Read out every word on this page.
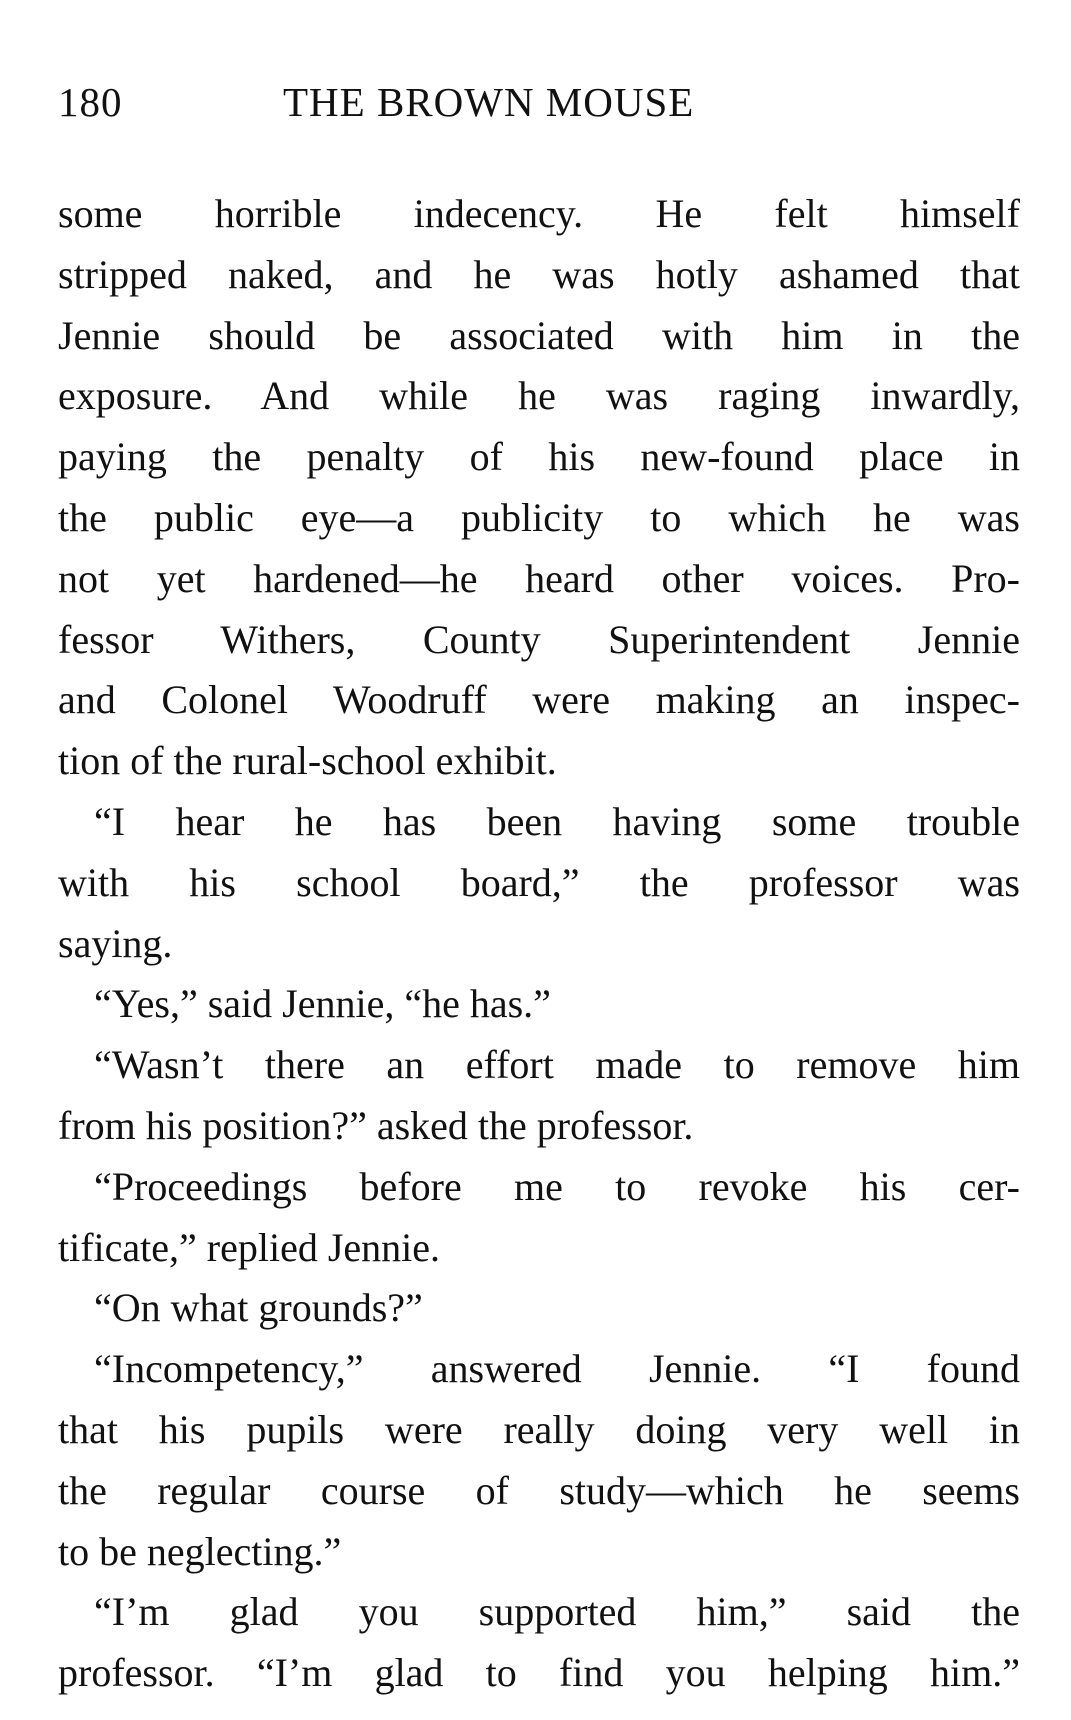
180	THE BROWN MOUSE
some horrible indecency. He felt himself
stripped naked, and he was hotly ashamed that
Jennie should be associated with him in the
exposure. And while he was raging inwardly,
paying the penalty of his new-found place in
the public eye—a publicity to which he was
not yet hardened—he heard other voices. Pro-
fessor Withers, County Superintendent Jennie
and Colonel Woodruff were making an inspec-
tion of the rural-school exhibit.
“I hear he has been having some trouble
with his school board,” the professor was
saying.
“Yes,” said Jennie, “he has.”
“Wasn’t there an effort made to remove him
from his position?” asked the professor.
“Proceedings before me to revoke his cer-
tificate,” replied Jennie.
“On what grounds?”
“Incompetency,” answered Jennie. “I found
that his pupils were really doing very well in
the regular course of study—which he seems
to be neglecting.”
“I’m glad you supported him,” said the
professor. “I’m glad to find you helping him.”
